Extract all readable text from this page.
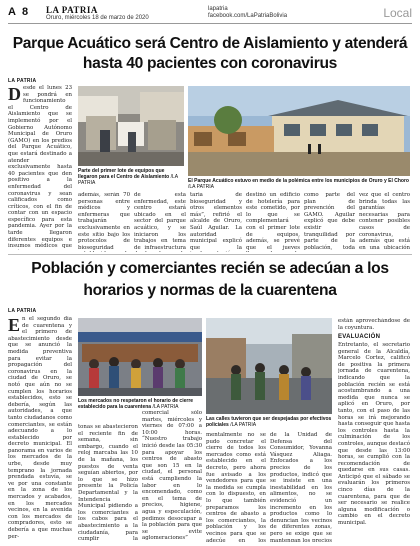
A 8 LA PATRIA
Oruro, miércoles 18 de marzo de 2020
lapatria
facebook.com/LaPatriaBolivia	Local
Parque Acuático será Centro de Aislamiento y atenderá hasta 40 pacientes con coronavirus
LA PATRIA
Desde el lunes 23 se pondrá en funcionamiento el Centro de Aislamiento que se implementó por el Gobierno Autónomo Municipal de Oruro (GAMO) en los predios del Parque Acuático, que estará destinado a atender exclusivamente hasta 40 pacientes que den positivo a la enfermedad del coronavirus y sean calificados como críticos, con el fin de contar con un espacio específico para esta pandemia. Ayer por la tarde llegaron diferentes equipos e insumos médicos que
Parte del primer lote de equipos que llegaron para el Centro de Aislamiento /LA PATRIA	El Parque Acuático estuvo en medio de la polémica entre los municipios de Oruro y El Choro /LA PATRIA
además, serán 70 personas entre médicos y enfermeras que trabajarán exclusivamente en este sitio bajo los protocolos de bioseguridad
de esta enfermedad, este centro estará ubicado en el sector del parque acuático, y se iniciaron los trabajos en tema de infraestructura
taria de bioseguridad y otros elementos más”, refirió el alcalde de Oruro, Saúl Aguilar. La autoridad municipal explicó que la
destinó un edificio de hotelería para este cometido, por lo que se complementará con el primer lote de equipos, además, se prevé que el jueves
como parte del plan de prevención del GAMO. Aguilar explicó que debe existir tranquilidad por parte de la población, toda vez que el centro brinda todas las garantías necesarias para contener posibles casos de coronavirus, además que está en una ubicación
Población y comerciantes recién se adecúan a los horarios y normas de la cuarentena
LA PATRIA
En el segundo día de cuarentena y el primero de abastecimiento desde que se anunció la medida preventiva para evitar la propagación del coronavirus en la ciudad de Oruro, se notó que aún no se cumplen los horarios establecidos, esto se debería, según las autoridades, a que tanto ciudadanos como comerciantes, se están adecuando a lo establecido por decreto municipal. El panorama en varios de los mercados de la urbe, desde muy temprano la jornada prendada estuvía, se ve por una constante en la zona de los mercados y acabados, en los mercados vecinos, en la avenida con los mercados de compradores, esto se debería a que muchas per-
Los mercados no respetaron el horario de cierre establecido para la cuarentena /LA PATRIA
Las calles tuvieron que ser despejadas por efectivos policiales /LA PATRIA
tonas se abastecieron el reciente fin de semana, sin embargo, cuando el reloj marcaba las 10 de la mañana, los puestos de venta seguían abiertos, por lo que se hizo presente la Policía Departamental y la Intendencia Municipal pidiendo a los comerciantes a los cabos para el abastecimiento a la ciudadanía, para cumplir la
comercial sólo martes, miércoles y viernes de 07:00 a 10:00 horas. “Nuestro trabajo inició desde las 05:30 para apoyar los centros de abasto que son 15 en la ciudad, el personal está cumpliendo la labor en lo encomendado, como en el tema de precios, higiene, agua y especulación, pedimos desocupar a la población para que se evite aglomeraciones”
mentalmente no se pudo concretar el cierre de todos los mercados como está establecido en el decreto, pero ahora fue avisado a los vendedores para que la medida se cumpla con lo dispuesto, en lo que también preparamos los centros de abasto a los comerciantes, la población y los vecinos para que se adecúe en los
de la Unidad de Defensa del Consumidor, Yovanna Vásquez Aliaga. Enfocados a los precios de los productos, indicó que se insiste en una inestabilidad en los alimentos, no se evidenció un incremento en los productos como lo denuncian los vecinos de diferentes zonas, pero se exige que se mantengan los precios
están aprovechándose de la coyuntura.
EVALUACIÓN
Entretanto, el secretario general de la Alcaldía, Marcelo Cortez, calificó de positiva la primera jornada de cuarentena, indicando que la población recién se está acostumbrando a una medida que nunca se aplicó en Oruro, por tanto, con el paso de las horas se irá mejorando hasta conseguir que hasta los controles hasta la culminación de los controles, aunque destacó que desde las 13:00 horas, se cumplió con la recomendación de quedarse en sus casas. Anticipó que el sábado se evaluarán los primeros cinco días de la cuarentena, para que de ser necesario se realice alguna modificación o cambio en el decreto municipal.
